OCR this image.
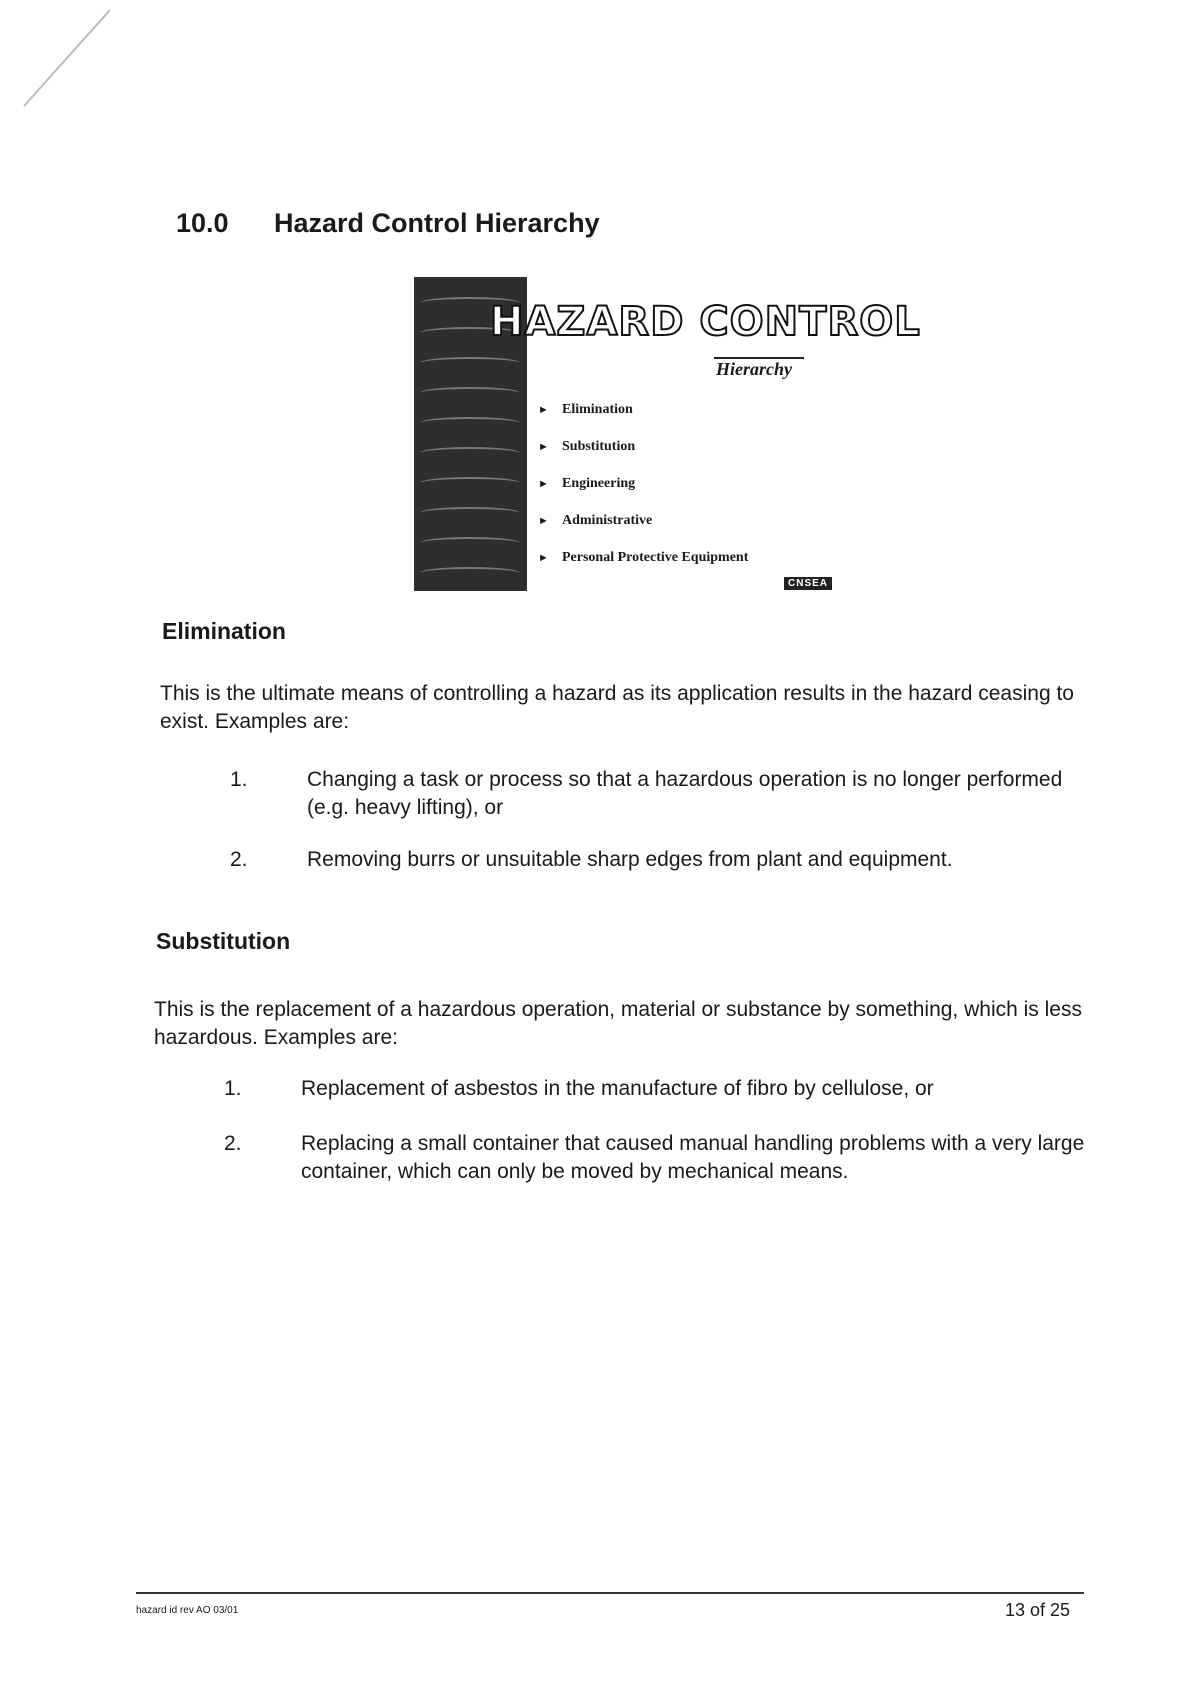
10.0	Hazard Control Hierarchy
HAZARD CONTROL
Hierarchy
► Elimination
► Substitution
► Engineering
► Administrative
► Personal Protective Equipment
CNSEA
Elimination

This is the ultimate means of controlling a hazard as its application results in the hazard ceasing to exist. Examples are:

1.	Changing a task or process so that a hazardous operation is no longer performed (e.g. heavy lifting), or
2.	Removing burrs or unsuitable sharp edges from plant and equipment.
Substitution

This is the replacement of a hazardous operation, material or substance by something, which is less hazardous. Examples are:

1.	Replacement of asbestos in the manufacture of fibro by cellulose, or
2.	Replacing a small container that caused manual handling problems with a very large container, which can only be moved by mechanical means.
hazard id rev AO 03/01	13 of 25
